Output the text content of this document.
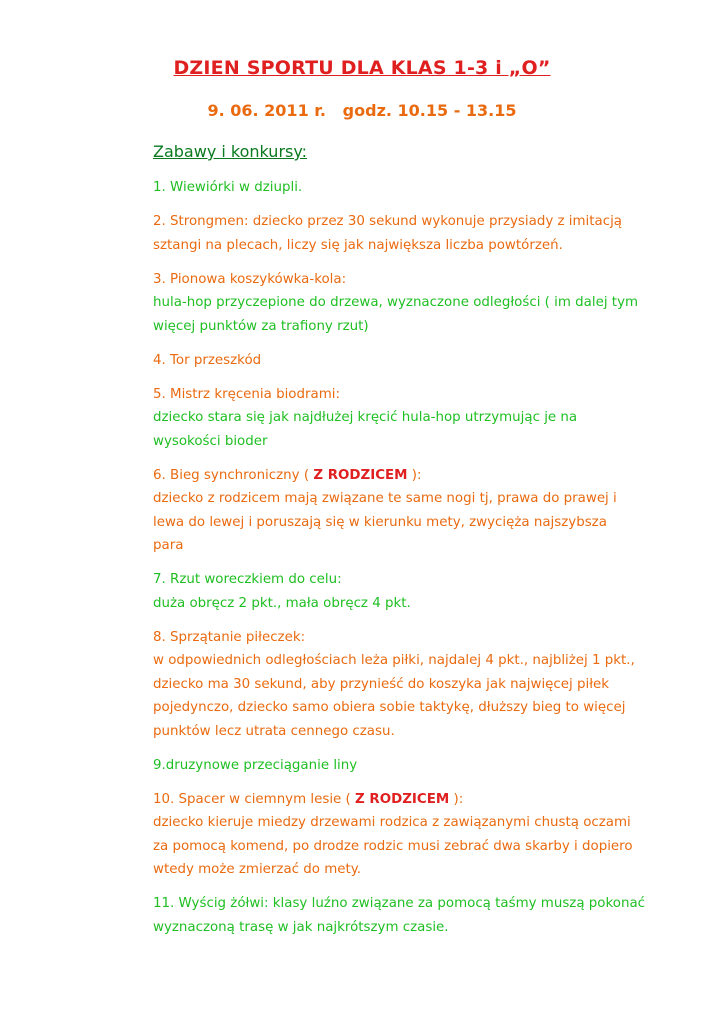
DZIEN SPORTU DLA KLAS 1-3 i „O”
9. 06. 2011 r.   godz. 10.15 - 13.15
Zabawy i konkursy:
1. Wiewiórki w dziupli.
2. Strongmen: dziecko przez 30 sekund wykonuje przysiady z imitacją
sztangi na plecach, liczy się jak największa liczba powtórzeń.
3. Pionowa koszykówka-kola:
hula-hop przyczepione do drzewa, wyznaczone odległości ( im dalej tym
więcej punktów za trafiony rzut)
4. Tor przeszkód
5. Mistrz kręcenia biodrami:
dziecko stara się jak najdłużej kręcić hula-hop utrzymując je na
wysokości bioder
6. Bieg synchroniczny ( Z RODZICEM ):
dziecko z rodzicem mają związane te same nogi tj, prawa do prawej i
lewa do lewej i poruszają się w kierunku mety, zwycięża najszybsza
para
7. Rzut woreczkiem do celu:
duża obręcz 2 pkt., mała obręcz 4 pkt.
8. Sprzątanie piłeczek:
w odpowiednich odległościach leża piłki, najdalej 4 pkt., najbliżej 1 pkt.,
dziecko ma 30 sekund, aby przynieść do koszyka jak najwięcej piłek
pojedynczo, dziecko samo obiera sobie taktykę, dłuższy bieg to więcej
punktów lecz utrata cennego czasu.
9.druzynowe przeciąganie liny
10. Spacer w ciemnym lesie ( Z RODZICEM ):
dziecko kieruje miedzy drzewami rodzica z zawiązanymi chustą oczami
za pomocą komend, po drodze rodzic musi zebrać dwa skarby i dopiero
wtedy może zmierzać do mety.
11. Wyścig żółwi: klasy luźno związane za pomocą taśmy muszą pokonać
wyznaczoną trasę w jak najkrótszym czasie.
